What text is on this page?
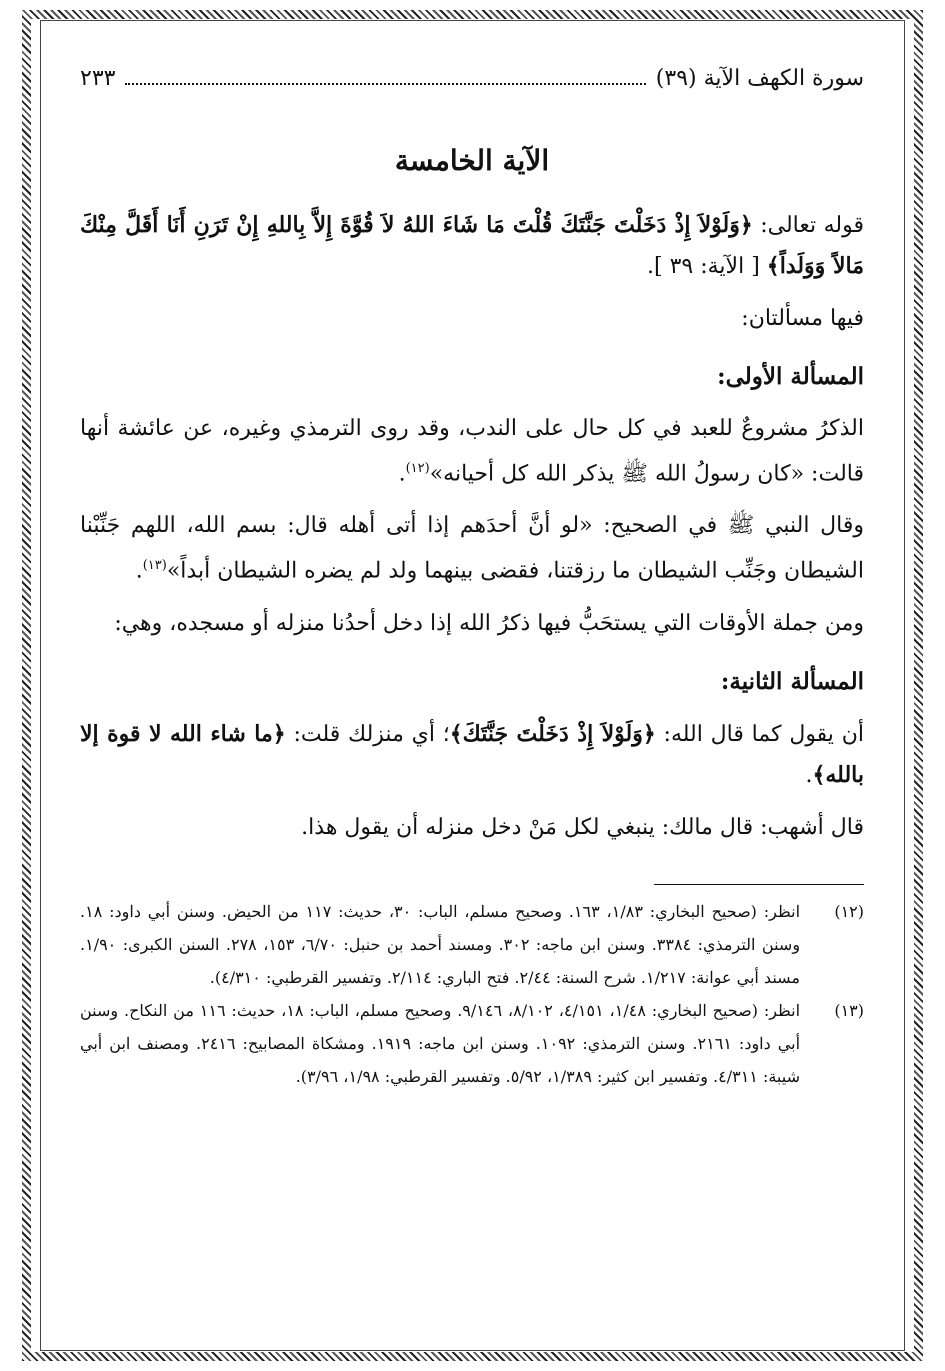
سورة الكهف الآية (٣٩)
٢٣٣
الآية الخامسة

قوله تعالى: ﴿وَلَوْلاَ إِذْ دَخَلْتَ جَنَّتَكَ قُلْتَ مَا شَاءَ اللهُ لاَ قُوَّةَ إِلاَّ بِاللهِ إِنْ تَرَنِ أَنَا أَقَلَّ مِنْكَ مَالاً وَوَلَداً﴾ [ الآية: ٣٩ ].

فيها مسألتان:

المسألة الأولى:

الذكرُ مشروعٌ للعبد في كل حال على الندب، وقد روى الترمذي وغيره، عن عائشة أنها قالت: «كان رسولُ الله ﷺ يذكر الله كل أحيانه»$^{(١٢)}$.

وقال النبي ﷺ في الصحيح: «لو أنَّ أحدَهم إذا أتى أهله قال: بسم الله، اللهم جَنِّبْنا الشيطان وجَنِّب الشيطان ما رزقتنا، فقضى بينهما ولد لم يضره الشيطان أبداً»$^{(١٣)}$.

ومن جملة الأوقات التي يستحَبُّ فيها ذكرُ الله إذا دخل أحدُنا منزله أو مسجده، وهي:

المسألة الثانية:

أن يقول كما قال الله: ﴿وَلَوْلاَ إِذْ دَخَلْتَ جَنَّتَكَ﴾؛ أي منزلك قلت: ﴿ما شاء الله لا قوة إلا بالله﴾.

قال أشهب: قال مالك: ينبغي لكل مَنْ دخل منزله أن يقول هذا.

(١٢)
انظر: (صحيح البخاري: ١/٨٣، ١٦٣. وصحيح مسلم، الباب: ٣٠، حديث: ١١٧ من الحيض. وسنن أبي داود: ١٨. وسنن الترمذي: ٣٣٨٤. وسنن ابن ماجه: ٣٠٢. ومسند أحمد بن حنبل: ٦/٧٠، ١٥٣، ٢٧٨. السنن الكبرى: ١/٩٠. مسند أبي عوانة: ١/٢١٧. شرح السنة: ٢/٤٤. فتح الباري: ٢/١١٤. وتفسير القرطبي: ٤/٣١٠).
(١٣)
انظر: (صحيح البخاري: ١/٤٨، ٤/١٥١، ٨/١٠٢، ٩/١٤٦. وصحيح مسلم، الباب: ١٨، حديث: ١١٦ من النكاح. وسنن أبي داود: ٢١٦١. وسنن الترمذي: ١٠٩٢. وسنن ابن ماجه: ١٩١٩. ومشكاة المصابيح: ٢٤١٦. ومصنف ابن أبي شيبة: ٤/٣١١. وتفسير ابن كثير: ١/٣٨٩، ٥/٩٢. وتفسير القرطبي: ١/٩٨، ٣/٩٦).
